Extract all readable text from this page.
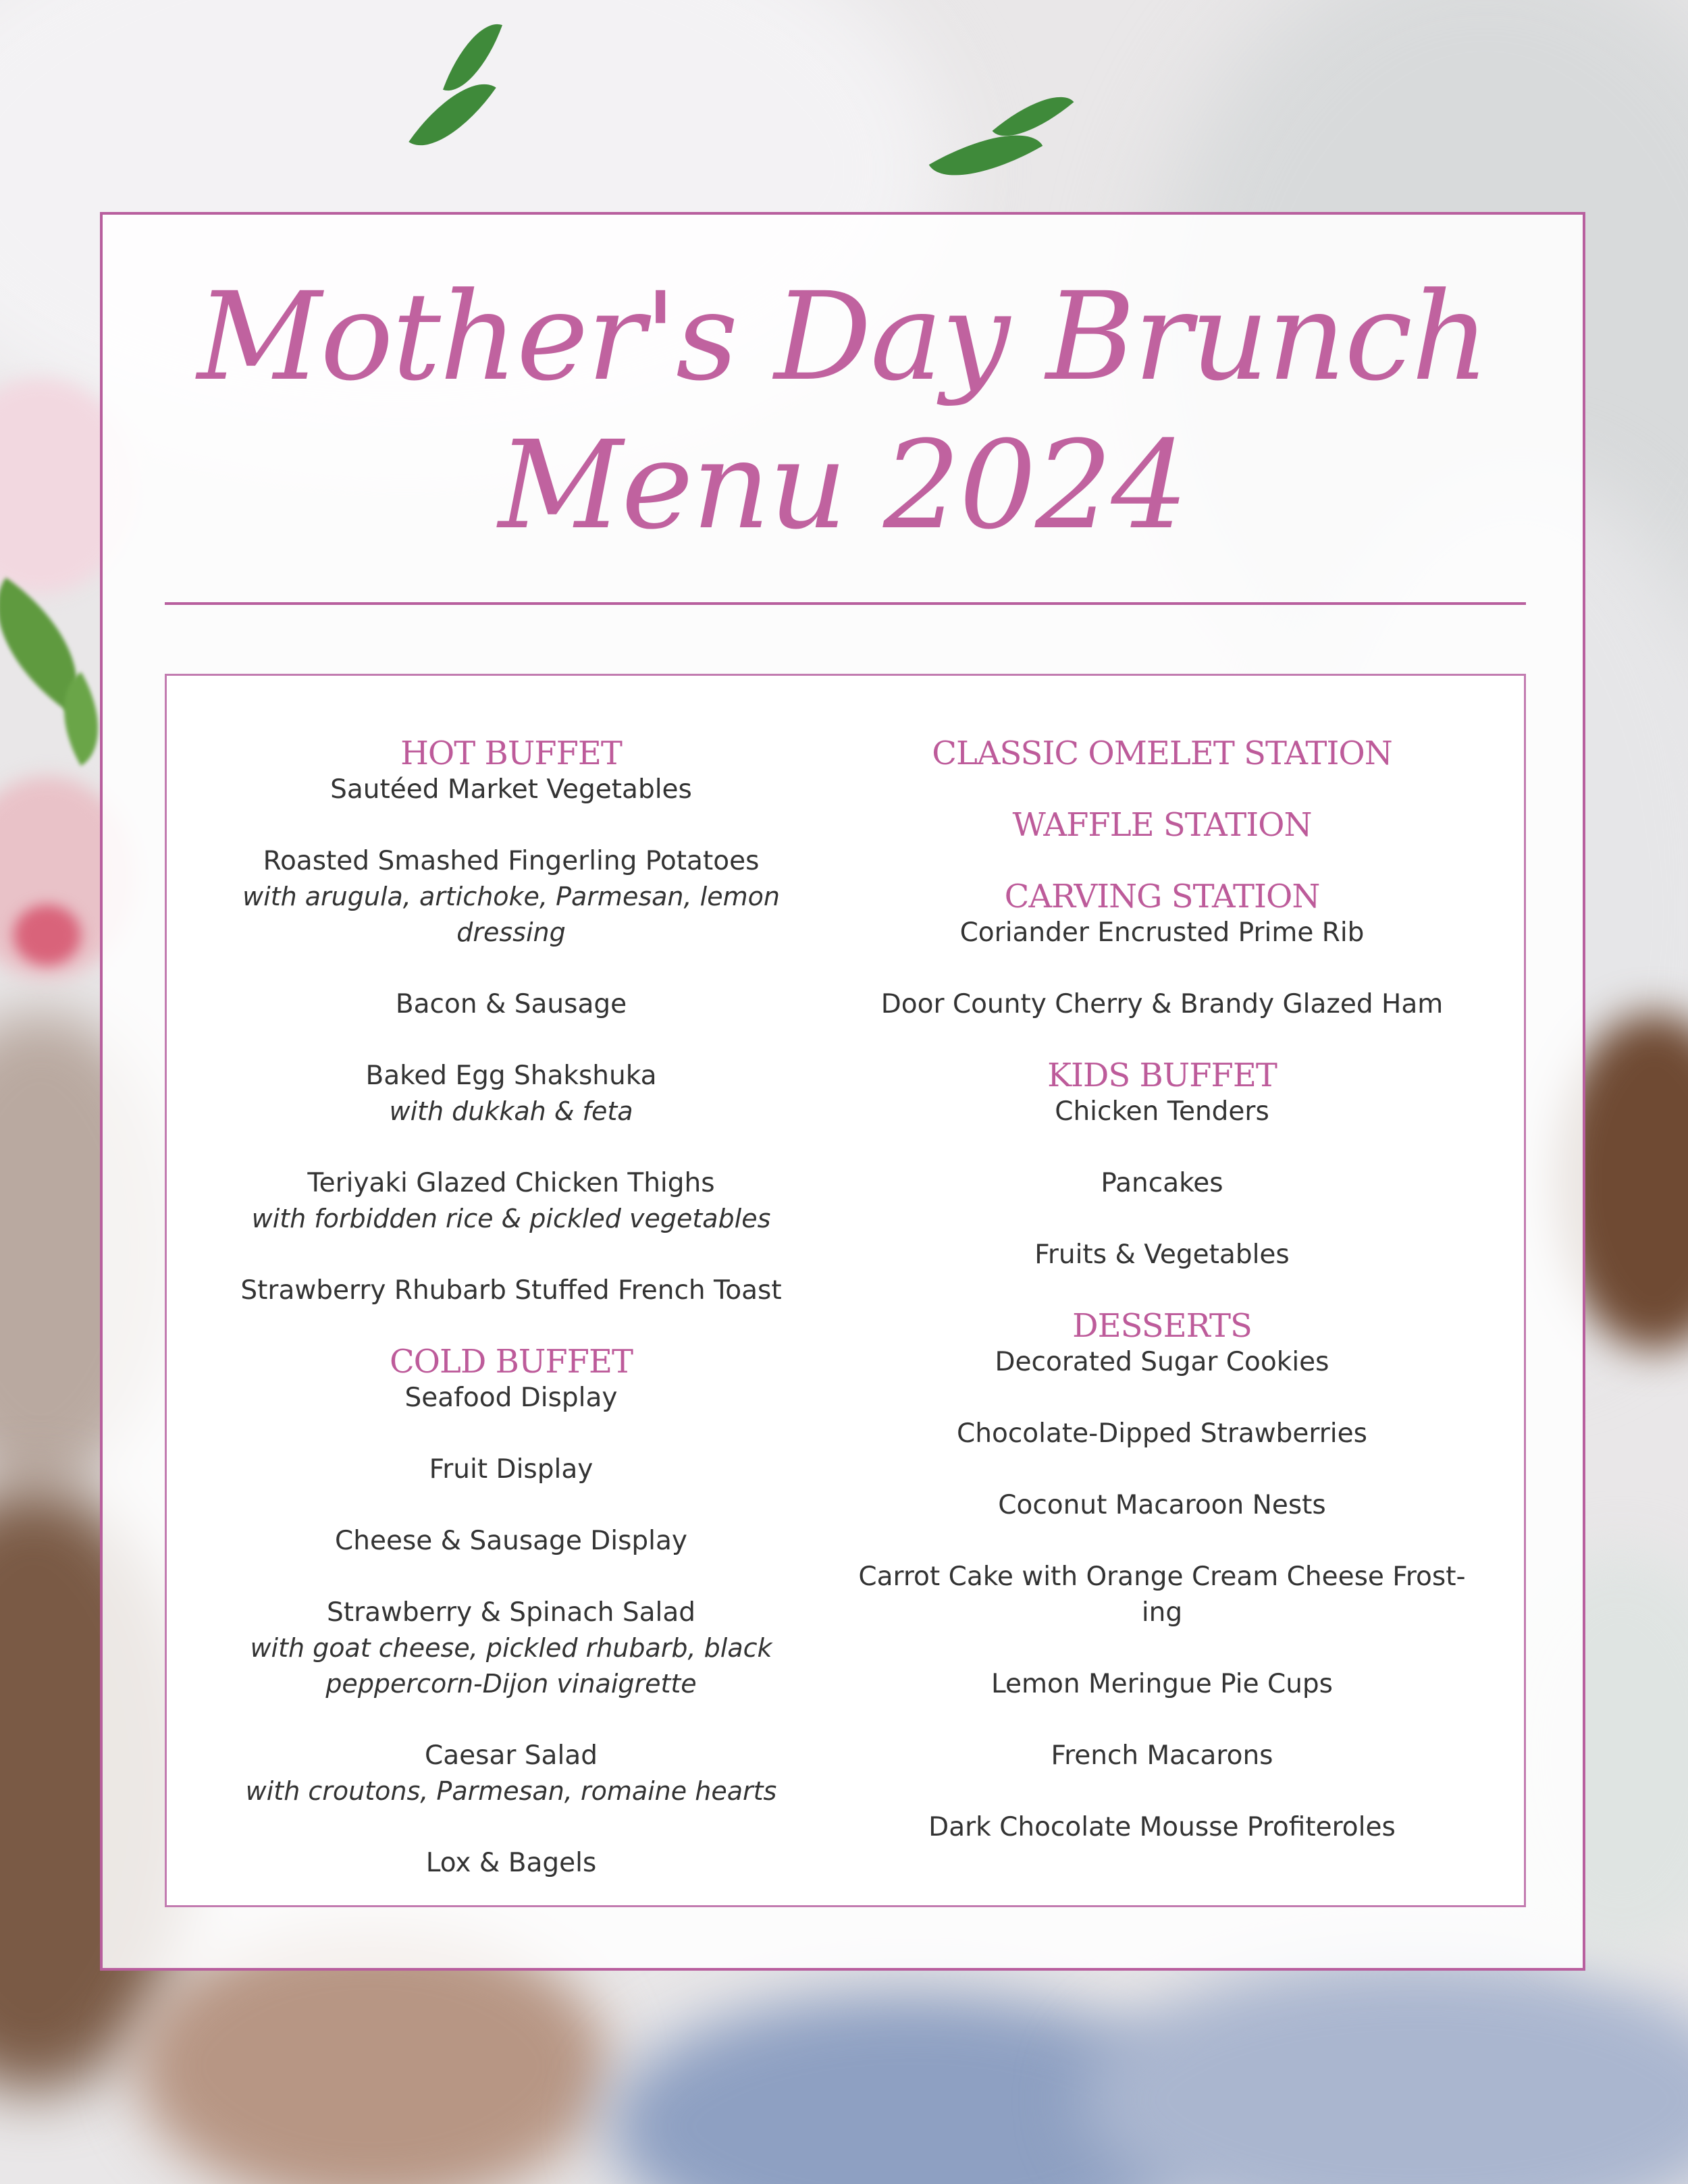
Mother's Day Brunch
Menu 2024
HOT BUFFET
Sautéed Market Vegetables
Roasted Smashed Fingerling Potatoes
with arugula, artichoke, Parmesan, lemon dressing
Bacon & Sausage
Baked Egg Shakshuka
with dukkah & feta
Teriyaki Glazed Chicken Thighs
with forbidden rice & pickled vegetables
Strawberry Rhubarb Stuffed French Toast
COLD BUFFET
Seafood Display
Fruit Display
Cheese & Sausage Display
Strawberry & Spinach Salad
with goat cheese, pickled rhubarb, black
peppercorn-Dijon vinaigrette
Caesar Salad
with croutons, Parmesan, romaine hearts
Lox & Bagels
CLASSIC OMELET STATION
WAFFLE STATION
CARVING STATION
Coriander Encrusted Prime Rib
Door County Cherry & Brandy Glazed Ham
KIDS BUFFET
Chicken Tenders
Pancakes
Fruits & Vegetables
DESSERTS
Decorated Sugar Cookies
Chocolate-Dipped Strawberries
Coconut Macaroon Nests
Carrot Cake with Orange Cream Cheese Frost-
ing
Lemon Meringue Pie Cups
French Macarons
Dark Chocolate Mousse Profiteroles
